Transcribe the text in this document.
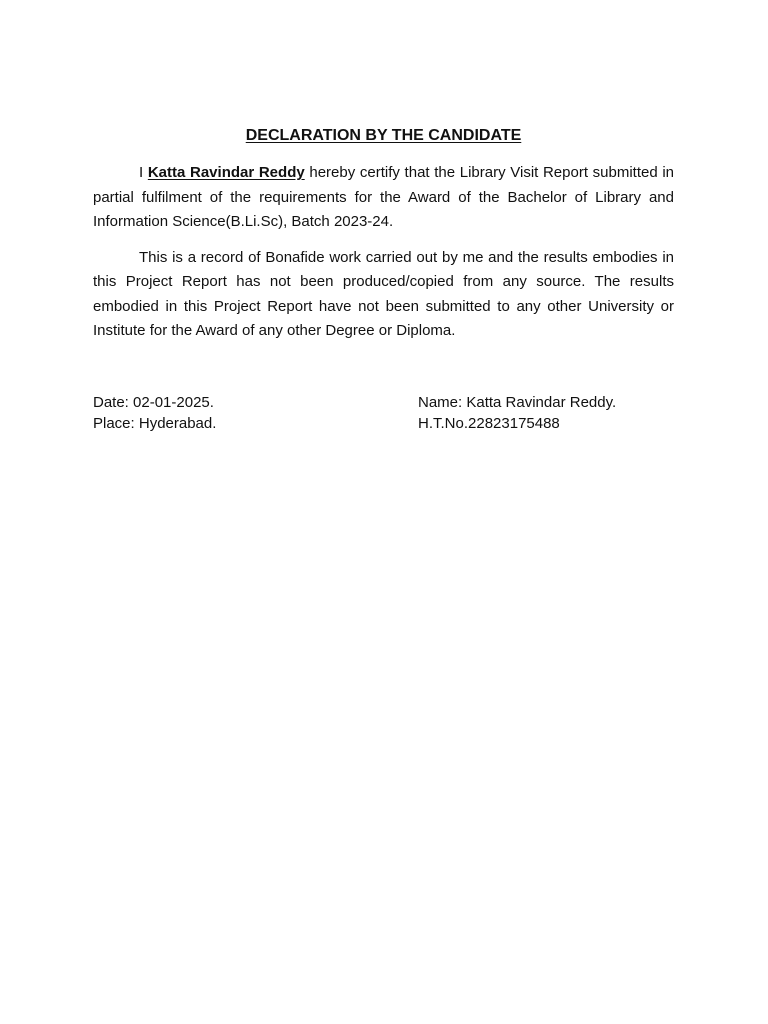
DECLARATION BY THE CANDIDATE

I Katta Ravindar Reddy hereby certify that the Library Visit Report submitted in partial fulfilment of the requirements for the Award of the Bachelor of Library and Information Science(B.Li.Sc), Batch 2023-24.

This is a record of Bonafide work carried out by me and the results embodies in this Project Report has not been produced/copied from any source. The results embodied in this Project Report have not been submitted to any other University or Institute for the Award of any other Degree or Diploma.

Date: 02-01-2025.	Name: Katta Ravindar Reddy.
Place: Hyderabad.	H.T.No.22823175488
